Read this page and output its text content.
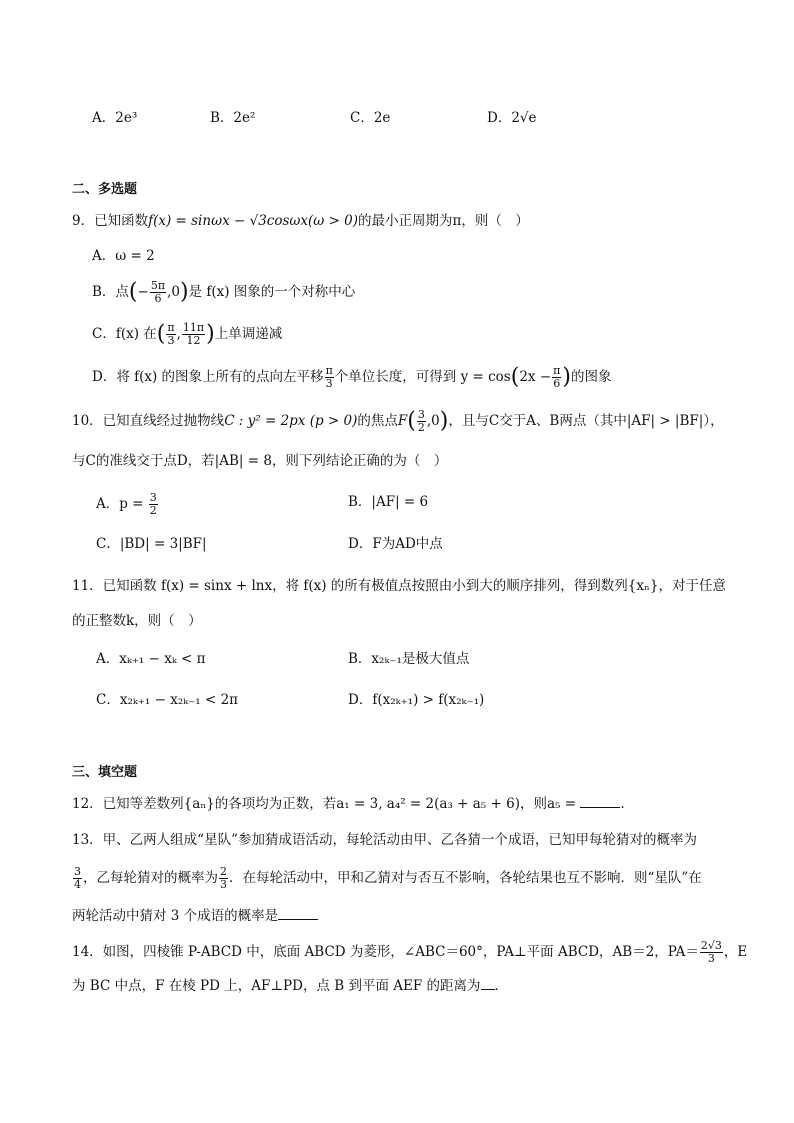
A．2e³	B．2e²	C．2e	D．2√e
二、多选题
9．已知函数f(x) = sinωx − √3cosωx(ω > 0)的最小正周期为π，则（　）
A．ω = 2
B．点(− $\frac{5\pi}{6} ,0$)是 f(x) 图象的一个对称中心
C．f(x) 在( $\frac{\pi}{3}$ , $\frac{11\pi}{12}$ )上单调递减
D．将 f(x) 的图象上所有的点向左平移 $\frac{\pi}{3}$ 个单位长度，可得到 $y = \cos(2x - \frac{\pi}{6}$ )的图象
10．已知直线经过抛物线C : y² = 2px (p > 0)的焦点$F( \frac{3}{2} ,0)$，且与C交于A、B两点（其中|AF| > |BF|），
与C的准线交于点D，若|AB| = 8，则下列结论正确的为（　）
A．$p = \frac{3}{2}$	B．|AF| = 6
C．|BD| = 3|BF|	D．F为AD中点
11．已知函数 f(x) = sinx + lnx，将 f(x) 的所有极值点按照由小到大的顺序排列，得到数列{xₙ}，对于任意
的正整数k，则（　）
A．xₖ₊₁ − xₖ < π	B．x₂ₖ₋₁是极大值点
C．x₂ₖ₊₁ − x₂ₖ₋₁ < 2π	D．f(x₂ₖ₊₁) > f(x₂ₖ₋₁)
三、填空题
12．已知等差数列{aₙ}的各项均为正数，若a₁ = 3, a₄² = 2(a₃ + a₅ + 6)，则a₅ =	.
13．甲、乙两人组成“星队”参加猜成语活动，每轮活动由甲、乙各猜一个成语，已知甲每轮猜对的概率为
$\frac{3}{4}$ ，乙每轮猜对的概率为 $\frac{2}{3}$ ．在每轮活动中，甲和乙猜对与否互不影响，各轮结果也互不影响．则“星队”在
两轮活动中猜对 3 个成语的概率是
14．如图，四棱锥 P-ABCD 中，底面 ABCD 为菱形，∠ABC＝60°，PA⊥平面 ABCD，AB＝2，$PA= \frac{2√3}{3}$ ，E
为 BC 中点，F 在棱 PD 上，AF⊥PD，点 B 到平面 AEF 的距离为 ．
